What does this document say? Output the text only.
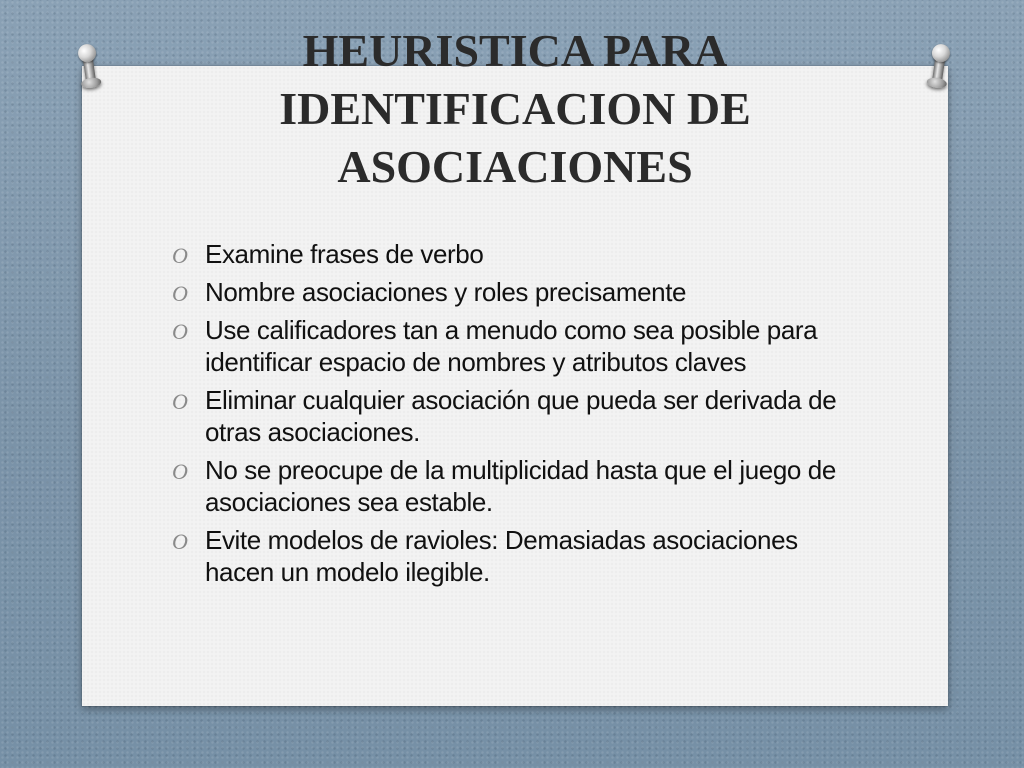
HEURISTICA PARA IDENTIFICACION DE ASOCIACIONES
O Examine frases de verbo
O Nombre asociaciones y roles precisamente
O Use calificadores tan a menudo como sea posible para identificar espacio de nombres y atributos claves
O Eliminar cualquier asociación que pueda ser derivada de otras asociaciones.
O No se preocupe de la multiplicidad hasta que el juego de asociaciones sea estable.
O Evite modelos de ravioles: Demasiadas asociaciones hacen un modelo ilegible.
